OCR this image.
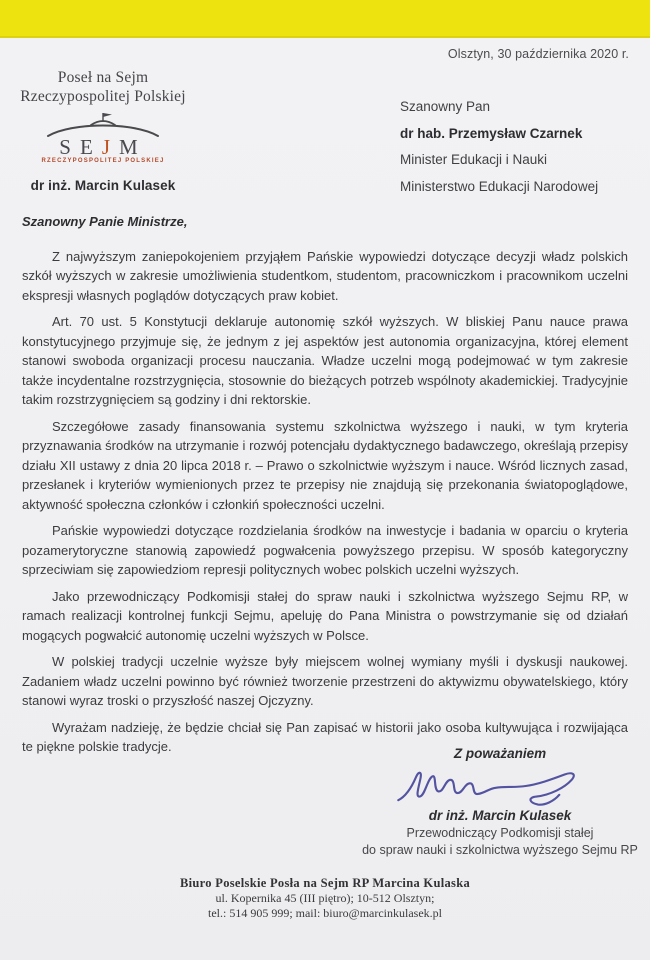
Olsztyn, 30 października 2020 r.
Poseł na Sejm
Rzeczypospolitej Polskiej
SEJM
RZECZYPOSPOLITEJ POLSKIEJ
dr inż. Marcin Kulasek
Szanowny Pan
dr hab. Przemysław Czarnek
Minister Edukacji i Nauki
Ministerstwo Edukacji Narodowej

Szanowny Panie Ministrze,

Z najwyższym zaniepokojeniem przyjąłem Pańskie wypowiedzi dotyczące decyzji władz polskich szkół wyższych w zakresie umożliwienia studentkom, studentom, pracowniczkom i pracownikom uczelni ekspresji własnych poglądów dotyczących praw kobiet.

Art. 70 ust. 5 Konstytucji deklaruje autonomię szkół wyższych. W bliskiej Panu nauce prawa konstytucyjnego przyjmuje się, że jednym z jej aspektów jest autonomia organizacyjna, której element stanowi swoboda organizacji procesu nauczania. Władze uczelni mogą podejmować w tym zakresie także incydentalne rozstrzygnięcia, stosownie do bieżących potrzeb wspólnoty akademickiej. Tradycyjnie takim rozstrzygnięciem są godziny i dni rektorskie.

Szczegółowe zasady finansowania systemu szkolnictwa wyższego i nauki, w tym kryteria przyznawania środków na utrzymanie i rozwój potencjału dydaktycznego badawczego, określają przepisy działu XII ustawy z dnia 20 lipca 2018 r. – Prawo o szkolnictwie wyższym i nauce. Wśród licznych zasad, przesłanek i kryteriów wymienionych przez te przepisy nie znajdują się przekonania światopoglądowe, aktywność społeczna członków i członkiń społeczności uczelni.

Pańskie wypowiedzi dotyczące rozdzielania środków na inwestycje i badania w oparciu o kryteria pozamerytoryczne stanowią zapowiedź pogwałcenia powyższego przepisu. W sposób kategoryczny sprzeciwiam się zapowiedziom represji politycznych wobec polskich uczelni wyższych.

Jako przewodniczący Podkomisji stałej do spraw nauki i szkolnictwa wyższego Sejmu RP, w ramach realizacji kontrolnej funkcji Sejmu, apeluję do Pana Ministra o powstrzymanie się od działań mogących pogwałcić autonomię uczelni wyższych w Polsce.

W polskiej tradycji uczelnie wyższe były miejscem wolnej wymiany myśli i dyskusji naukowej. Zadaniem władz uczelni powinno być również tworzenie przestrzeni do aktywizmu obywatelskiego, który stanowi wyraz troski o przyszłość naszej Ojczyzny.

Wyrażam nadzieję, że będzie chciał się Pan zapisać w historii jako osoba kultywująca i rozwijająca te piękne polskie tradycje.	Z poważaniem
dr inż. Marcin Kulasek
Przewodniczący Podkomisji stałej
do spraw nauki i szkolnictwa wyższego Sejmu RP
Biuro Poselskie Posła na Sejm RP Marcina Kulaska
ul. Kopernika 45 (III piętro); 10-512 Olsztyn;
tel.: 514 905 999; mail: biuro@marcinkulasek.pl
